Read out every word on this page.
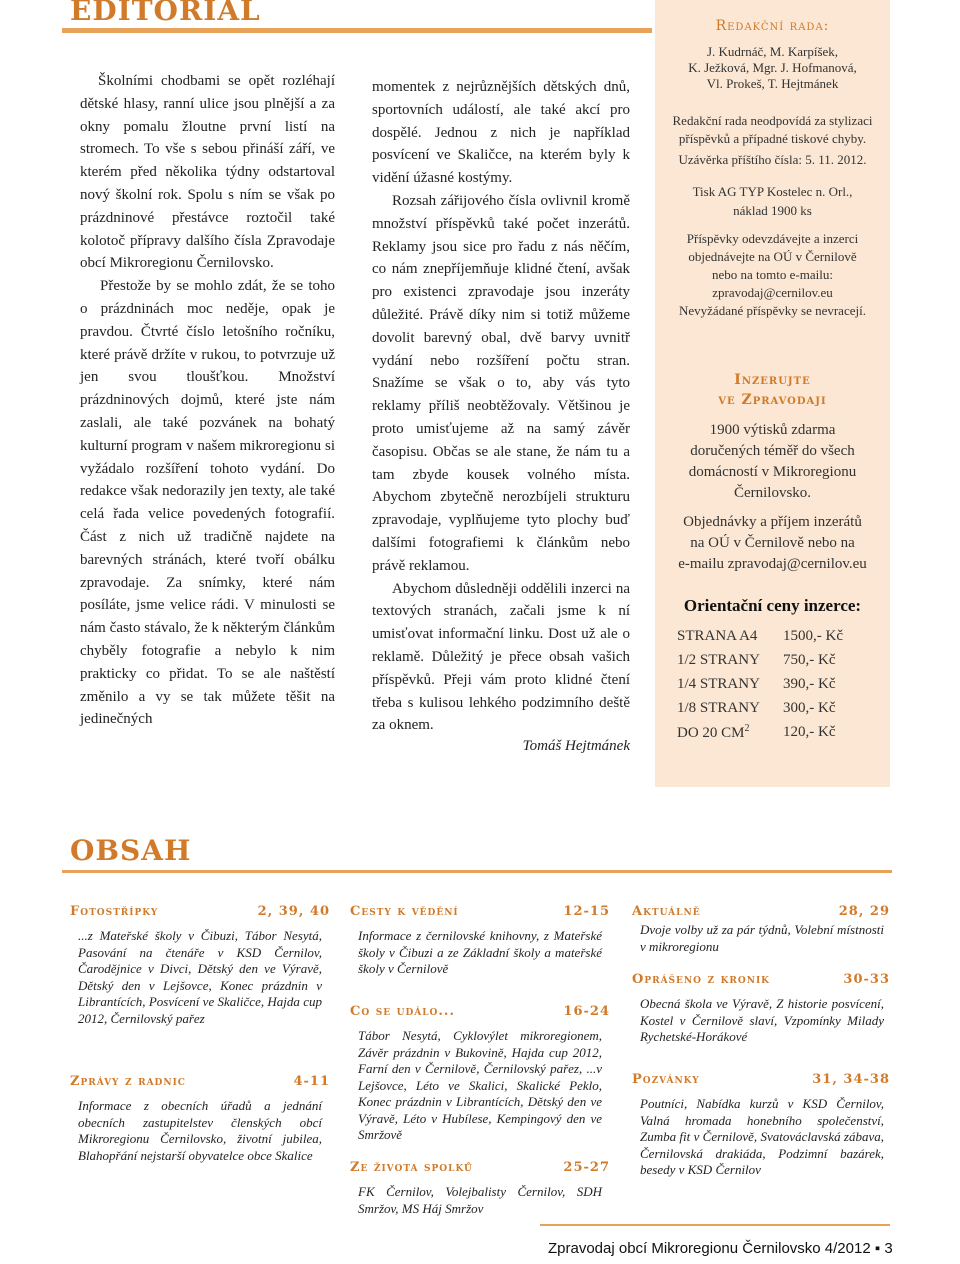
EDITORIAL

Školními chodbami se opět rozléhají dětské hlasy, ranní ulice jsou plnější a za okny pomalu žloutne první listí na stromech. To vše s sebou přináší září, ve kterém před několika týdny odstartoval nový školní rok. Spolu s ním se však po prázdninové přestávce roztočil také kolotoč přípravy dalšího čísla Zpravodaje obcí Mikroregionu Černilovsko.

Přestože by se mohlo zdát, že se toho o prázdninách moc neděje, opak je pravdou. Čtvrté číslo letošního ročníku, které právě držíte v rukou, to potvrzuje už jen svou tloušťkou. Množství prázdninových dojmů, které jste nám zaslali, ale také pozvánek na bohatý kulturní program v našem mikroregionu si vyžádalo rozšíření tohoto vydání. Do redakce však nedorazily jen texty, ale také celá řada velice povedených fotografií. Část z nich už tradičně najdete na barevných stránách, které tvoří obálku zpravodaje. Za snímky, které nám posíláte, jsme velice rádi. V minulosti se nám často stávalo, že k některým článkům chyběly fotografie a nebylo k nim prakticky co přidat. To se ale naštěstí změnilo a vy se tak můžete těšit na jedinečných

momentek z nejrůznějších dětských dnů, sportovních událostí, ale také akcí pro dospělé. Jednou z nich je například posvícení ve Skaličce, na kterém byly k vidění úžasné kostýmy.

Rozsah zářijového čísla ovlivnil kromě množství příspěvků také počet inzerátů. Reklamy jsou sice pro řadu z nás něčím, co nám znepříjemňuje klidné čtení, avšak pro existenci zpravodaje jsou inzeráty důležité. Právě díky nim si totiž můžeme dovolit barevný obal, dvě barvy uvnitř vydání nebo rozšíření počtu stran. Snažíme se však o to, aby vás tyto reklamy příliš neobtěžovaly. Většinou je proto umisťujeme až na samý závěr časopisu. Občas se ale stane, že nám tu a tam zbyde kousek volného místa. Abychom zbytečně nerozbíjeli strukturu zpravodaje, vyplňujeme tyto plochy buď dalšími fotografiemi k článkům nebo právě reklamou.

Abychom důsledněji oddělili inzerci na textových stranách, začali jsme k ní umisťovat informační linku. Dost už ale o reklamě. Důležitý je přece obsah vašich příspěvků. Přeji vám proto klidné čtení třeba s kulisou lehkého podzimního deště za oknem.

Tomáš Hejtmánek
Redakční rada:
J. Kudrnáč, M. Karpíšek,
K. Ježková, Mgr. J. Hofmanová,
Vl. Prokeš, T. Hejtmánek
Redakční rada neodpovídá za stylizaci příspěvků a případné tiskové chyby.
Uzávěrka příštího čísla: 5. 11. 2012.
Tisk AG TYP Kostelec n. Orl.,
náklad 1900 ks
Příspěvky odevzdávejte a inzerci
objednávejte na OÚ v Černilově
nebo na tomto e-mailu:
zpravodaj@cernilov.eu
Nevyžádané příspěvky se nevracejí.
Inzerujte
ve Zpravodaji
1900 výtisků zdarma
doručených téměř do všech
domácností v Mikroregionu
Černilovsko.
Objednávky a příjem inzerátů
na OÚ v Černilově nebo na
e-mailu zpravodaj@cernilov.eu
Orientační ceny inzerce:
STRANA A4	1500,- Kč
1/2 STRANY	750,- Kč
1/4 STRANY	390,- Kč
1/8 STRANY	300,- Kč
DO 20 $CM^2$	120,- Kč
OBSAH
Fotostřípky	2, 39, 40
...z Mateřské školy v Čibuzi, Tábor Nesytá, Pasování na čtenáře v KSD Černilov, Čarodějnice v Divci, Dětský den ve Výravě, Dětský den v Lejšovce, Konec prázdnin v Librantících, Posvícení ve Skaličce, Hajda cup 2012, Černilovský pařez
Zprávy z radnic	4-11
Informace z obecních úřadů a jednání obecních zastupitelstev členských obcí Mikroregionu Černilovsko, životní jubilea, Blahopřání nejstarší obyvatelce obce Skalice
Cesty k vědění	12-15
Informace z černilovské knihovny, z Mateřské školy v Čibuzi a ze Základní školy a mateřské školy v Černilově
Co se událo...	16-24
Tábor Nesytá, Cyklovýlet mikroregionem, Závěr prázdnin v Bukovině, Hajda cup 2012, Farní den v Černilově, Černilovský pařez, ...v Lejšovce, Léto ve Skalici, Skalické Peklo, Konec prázdnin v Librantících, Dětský den ve Výravě, Léto v Hubílese, Kempingový den ve Smržově
Ze života spolků	25-27
FK Černilov, Volejbalisty Černilov, SDH Smržov, MS Háj Smržov
Aktuálně	28, 29
Dvoje volby už za pár týdnů, Volební místnosti v mikroregionu
Oprášeno z kronik	30-33
Obecná škola ve Výravě, Z historie posvícení, Kostel v Černilově slaví, Vzpomínky Milady Rychetské-Horákové
Pozvánky	31, 34-38
Poutníci, Nabídka kurzů v KSD Černilov, Valná hromada honebního společenství, Zumba fit v Černilově, Svatováclavská zábava, Černilovská drakiáda, Podzimní bazárek, besedy v KSD Černilov
Zpravodaj obcí Mikroregionu Černilovsko 4/2012 ▪ 3
